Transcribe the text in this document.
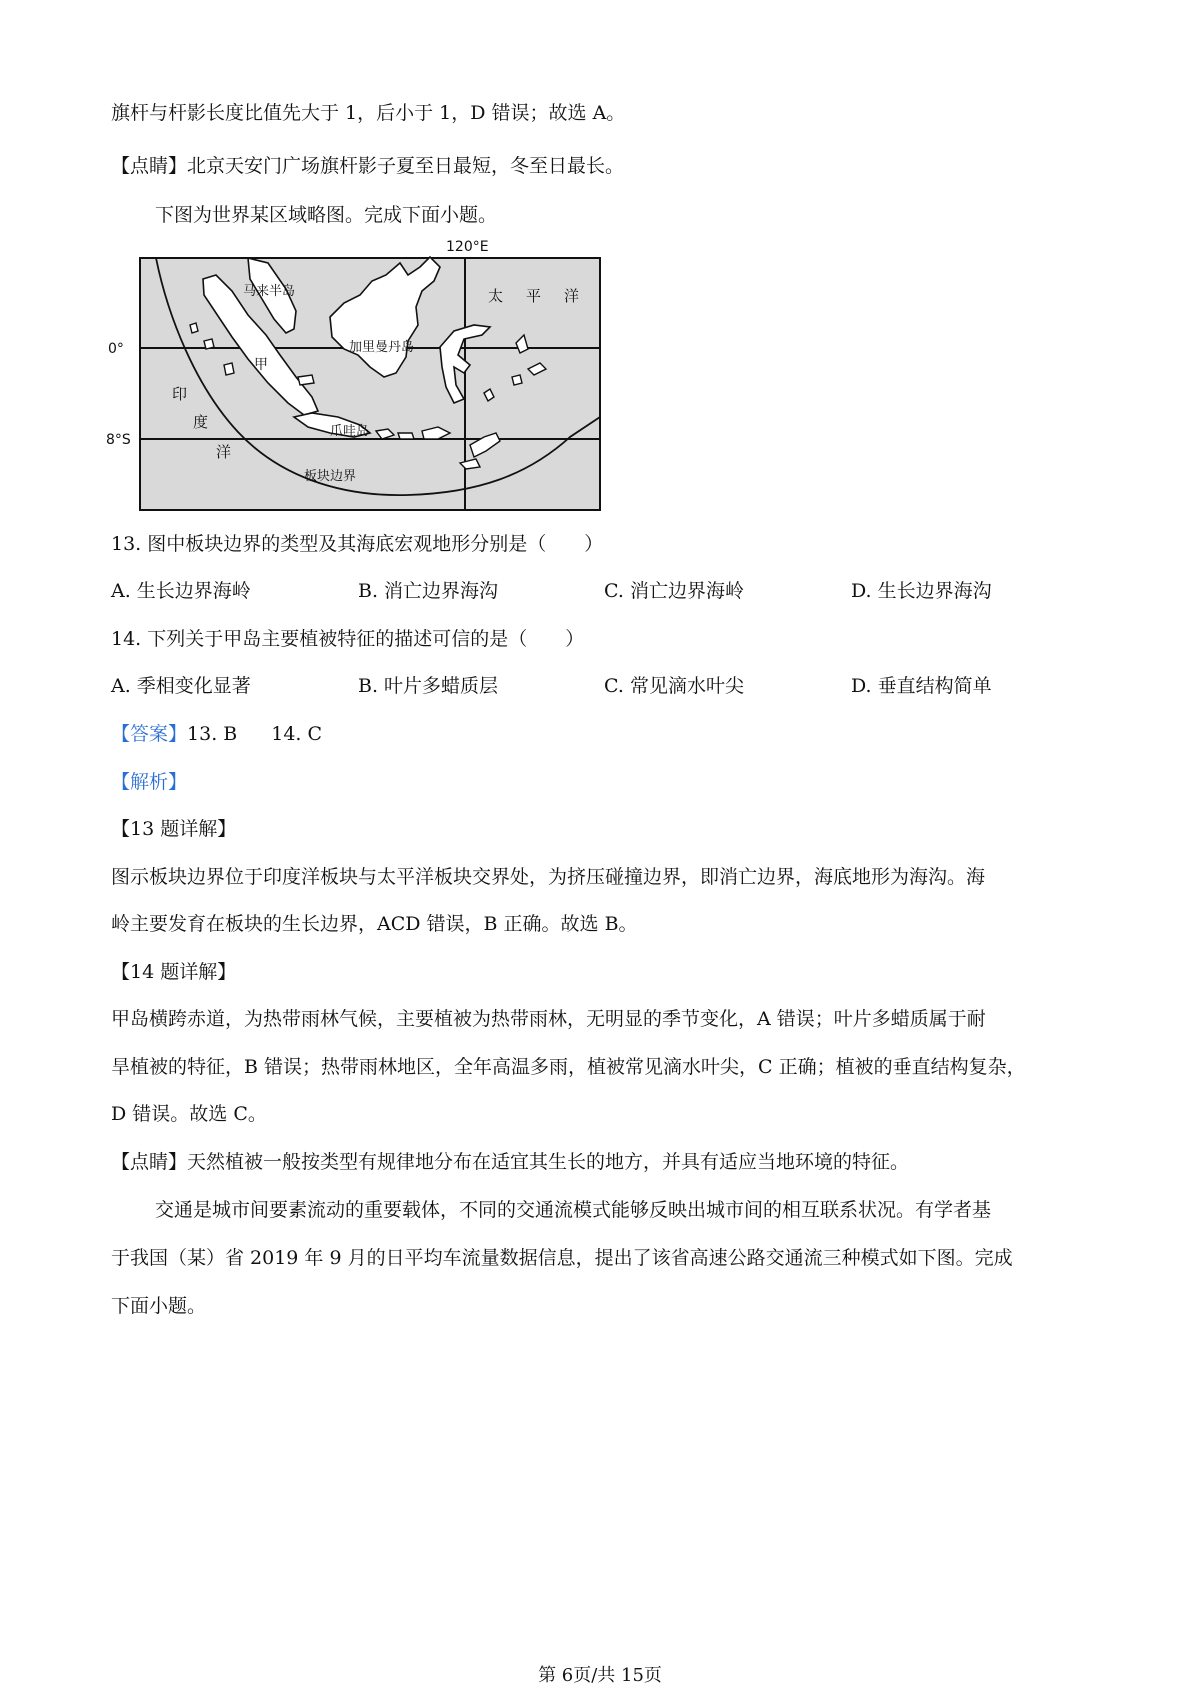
旗杆与杆影长度比值先大于 1，后小于 1，D 错误；故选 A。
【点睛】北京天安门广场旗杆影子夏至日最短，冬至日最长。
下图为世界某区域略图。完成下面小题。
120°E
0°
8°S
马来半岛	太 平 洋
加里曼丹岛
甲
印
度
洋
爪哇岛
板块边界
13. 图中板块边界的类型及其海底宏观地形分别是（　　）
A. 生长边界海岭	B. 消亡边界海沟	C. 消亡边界海岭	D. 生长边界海沟
14. 下列关于甲岛主要植被特征的描述可信的是（　　）
A. 季相变化显著	B. 叶片多蜡质层	C. 常见滴水叶尖	D. 垂直结构简单
【答案】13. B 14. C
【解析】
【13 题详解】
图示板块边界位于印度洋板块与太平洋板块交界处，为挤压碰撞边界，即消亡边界，海底地形为海沟。海
岭主要发育在板块的生长边界，ACD 错误，B 正确。故选 B。
【14 题详解】
甲岛横跨赤道，为热带雨林气候，主要植被为热带雨林，无明显的季节变化，A 错误；叶片多蜡质属于耐
旱植被的特征，B 错误；热带雨林地区，全年高温多雨，植被常见滴水叶尖，C 正确；植被的垂直结构复杂，
D 错误。故选 C。
【点睛】天然植被一般按类型有规律地分布在适宜其生长的地方，并具有适应当地环境的特征。
交通是城市间要素流动的重要载体，不同的交通流模式能够反映出城市间的相互联系状况。有学者基
于我国（某）省 2019 年 9 月的日平均车流量数据信息，提出了该省高速公路交通流三种模式如下图。完成
下面小题。
第 6页/共 15页
